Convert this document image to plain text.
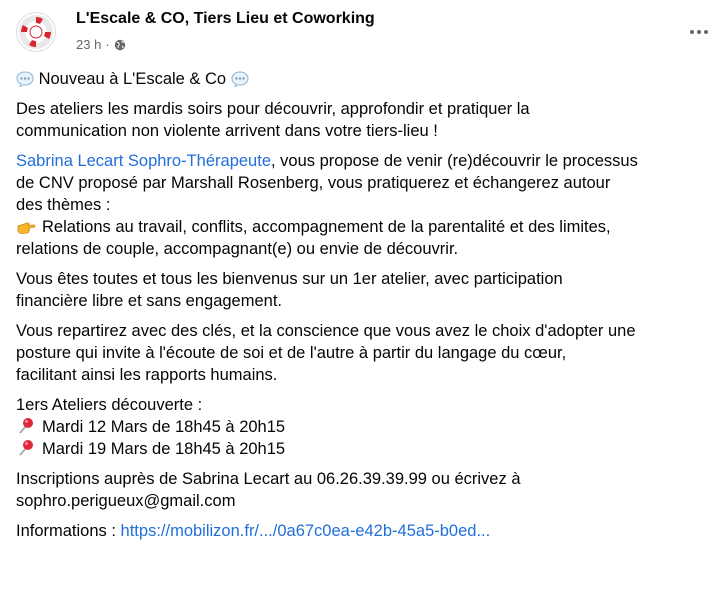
L'Escale & CO, Tiers Lieu et Coworking
23 h ·
Nouveau à L'Escale & Co
Des ateliers les mardis soirs pour découvrir, approfondir et pratiquer la
communication non violente arrivent dans votre tiers-lieu !
Sabrina Lecart Sophro-Thérapeute, vous propose de venir (re)découvrir le processus
de CNV proposé par Marshall Rosenberg, vous pratiquerez et échangerez autour
des thèmes :
Relations au travail, conflits, accompagnement de la parentalité et des limites,
relations de couple, accompagnant(e) ou envie de découvrir.
Vous êtes toutes et tous les bienvenus sur un 1er atelier, avec participation
financière libre et sans engagement.
Vous repartirez avec des clés, et la conscience que vous avez le choix d'adopter une
posture qui invite à l'écoute de soi et de l'autre à partir du langage du cœur,
facilitant ainsi les rapports humains.
1ers Ateliers découverte :
Mardi 12 Mars de 18h45 à 20h15
Mardi 19 Mars de 18h45 à 20h15
Inscriptions auprès de Sabrina Lecart au 06.26.39.39.99 ou écrivez à
sophro.perigueux@gmail.com
Informations : https://mobilizon.fr/.../0a67c0ea-e42b-45a5-b0ed...
